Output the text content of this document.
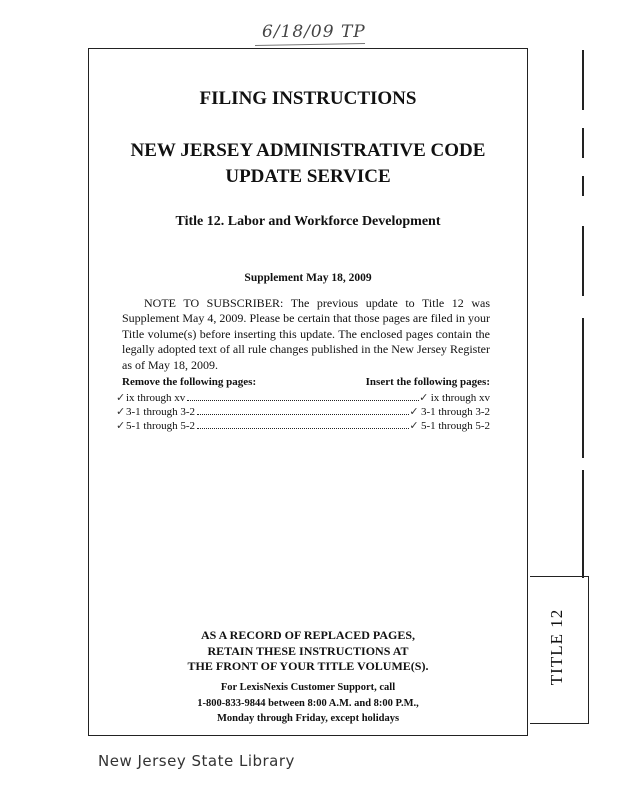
6/18/09 TP
TITLE 12
FILING INSTRUCTIONS
NEW JERSEY ADMINISTRATIVE CODE
UPDATE SERVICE
Title 12. Labor and Workforce Development
Supplement May 18, 2009
NOTE TO SUBSCRIBER: The previous update to Title 12 was Supplement May 4, 2009. Please be certain that those pages are filed in your Title volume(s) before inserting this update. The enclosed pages contain the legally adopted text of all rule changes published in the New Jersey Register as of May 18, 2009.
Remove the following pages:	Insert the following pages:
✓ ix through xv	✓ ix through xv
✓ 3-1 through 3-2	✓ 3-1 through 3-2
✓ 5-1 through 5-2	✓ 5-1 through 5-2
AS A RECORD OF REPLACED PAGES,
RETAIN THESE INSTRUCTIONS AT
THE FRONT OF YOUR TITLE VOLUME(S).
For LexisNexis Customer Support, call
1-800-833-9844 between 8:00 A.M. and 8:00 P.M.,
Monday through Friday, except holidays
New Jersey State Library
